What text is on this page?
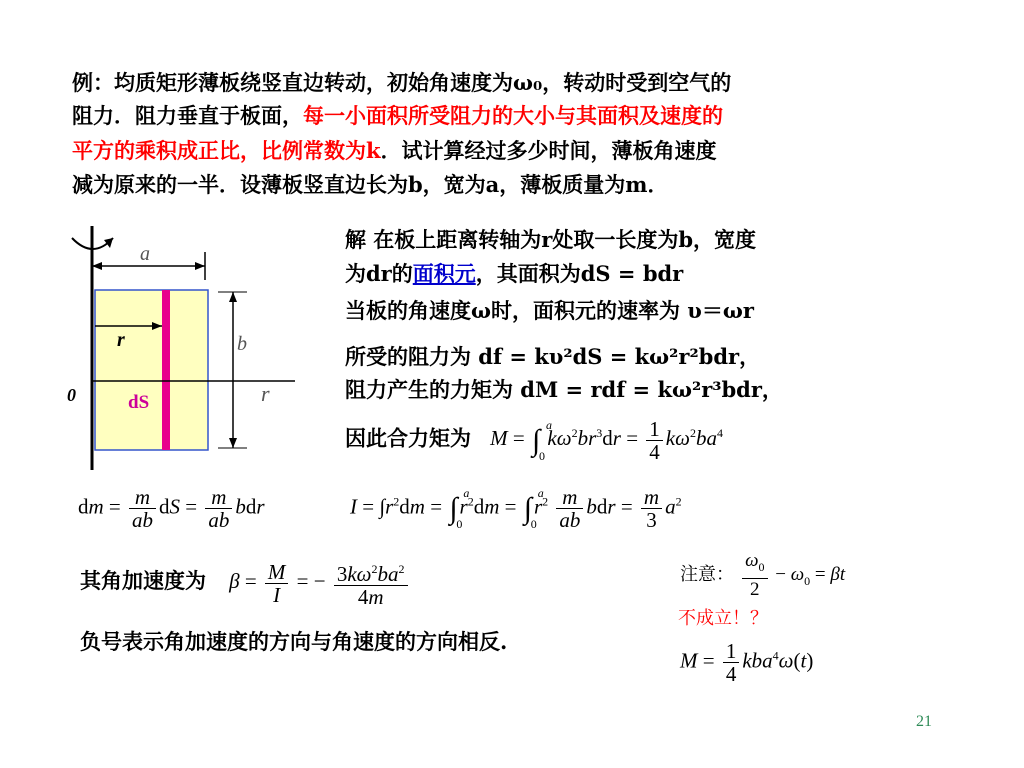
例：均质矩形薄板绕竖直边转动，初始角速度为ω₀，转动时受到空气的
阻力．阻力垂直于板面，每一小面积所受阻力的大小与其面积及速度的
平方的乘积成正比，比例常数为k．试计算经过多少时间，薄板角速度
减为原来的一半．设薄板竖直边长为b，宽为a，薄板质量为m．
a
b
r
r
0	dS
解 在板上距离转轴为r处取一长度为b，宽度
为dr的面积元，其面积为dS = bdr
当板的角速度ω时，面积元的速率为 υ＝ωr
所受的阻力为 df = kυ²dS = kω²r²bdr，
阻力产生的力矩为 dM = rdf = kω²r³bdr，
因此合力矩为 M = ∫ a
0
$k\omega^2br^3dr = \frac{1}{4} k\omega^2ba^4$
dm = $\frac{m}{ab}$ dS = $\frac{m}{ab}$ bdr	$I = \int r^2dm$ = ∫ a
0
$r^2dm$ = ∫ a
0
$r^2 \frac{m}{ab}$ bdr = $\frac{m}{3} a^2$
其角加速度为 $\beta = \frac{M}{I}$ = − $\frac{3k\omega^2ba^2}{4m}$	注意： $\frac{\omega_0}{2} - \omega_0 = \beta t$
不成立！？
负号表示角加速度的方向与角速度的方向相反.
$M = \frac{1}{4} kba^4\omega(t)$
21
